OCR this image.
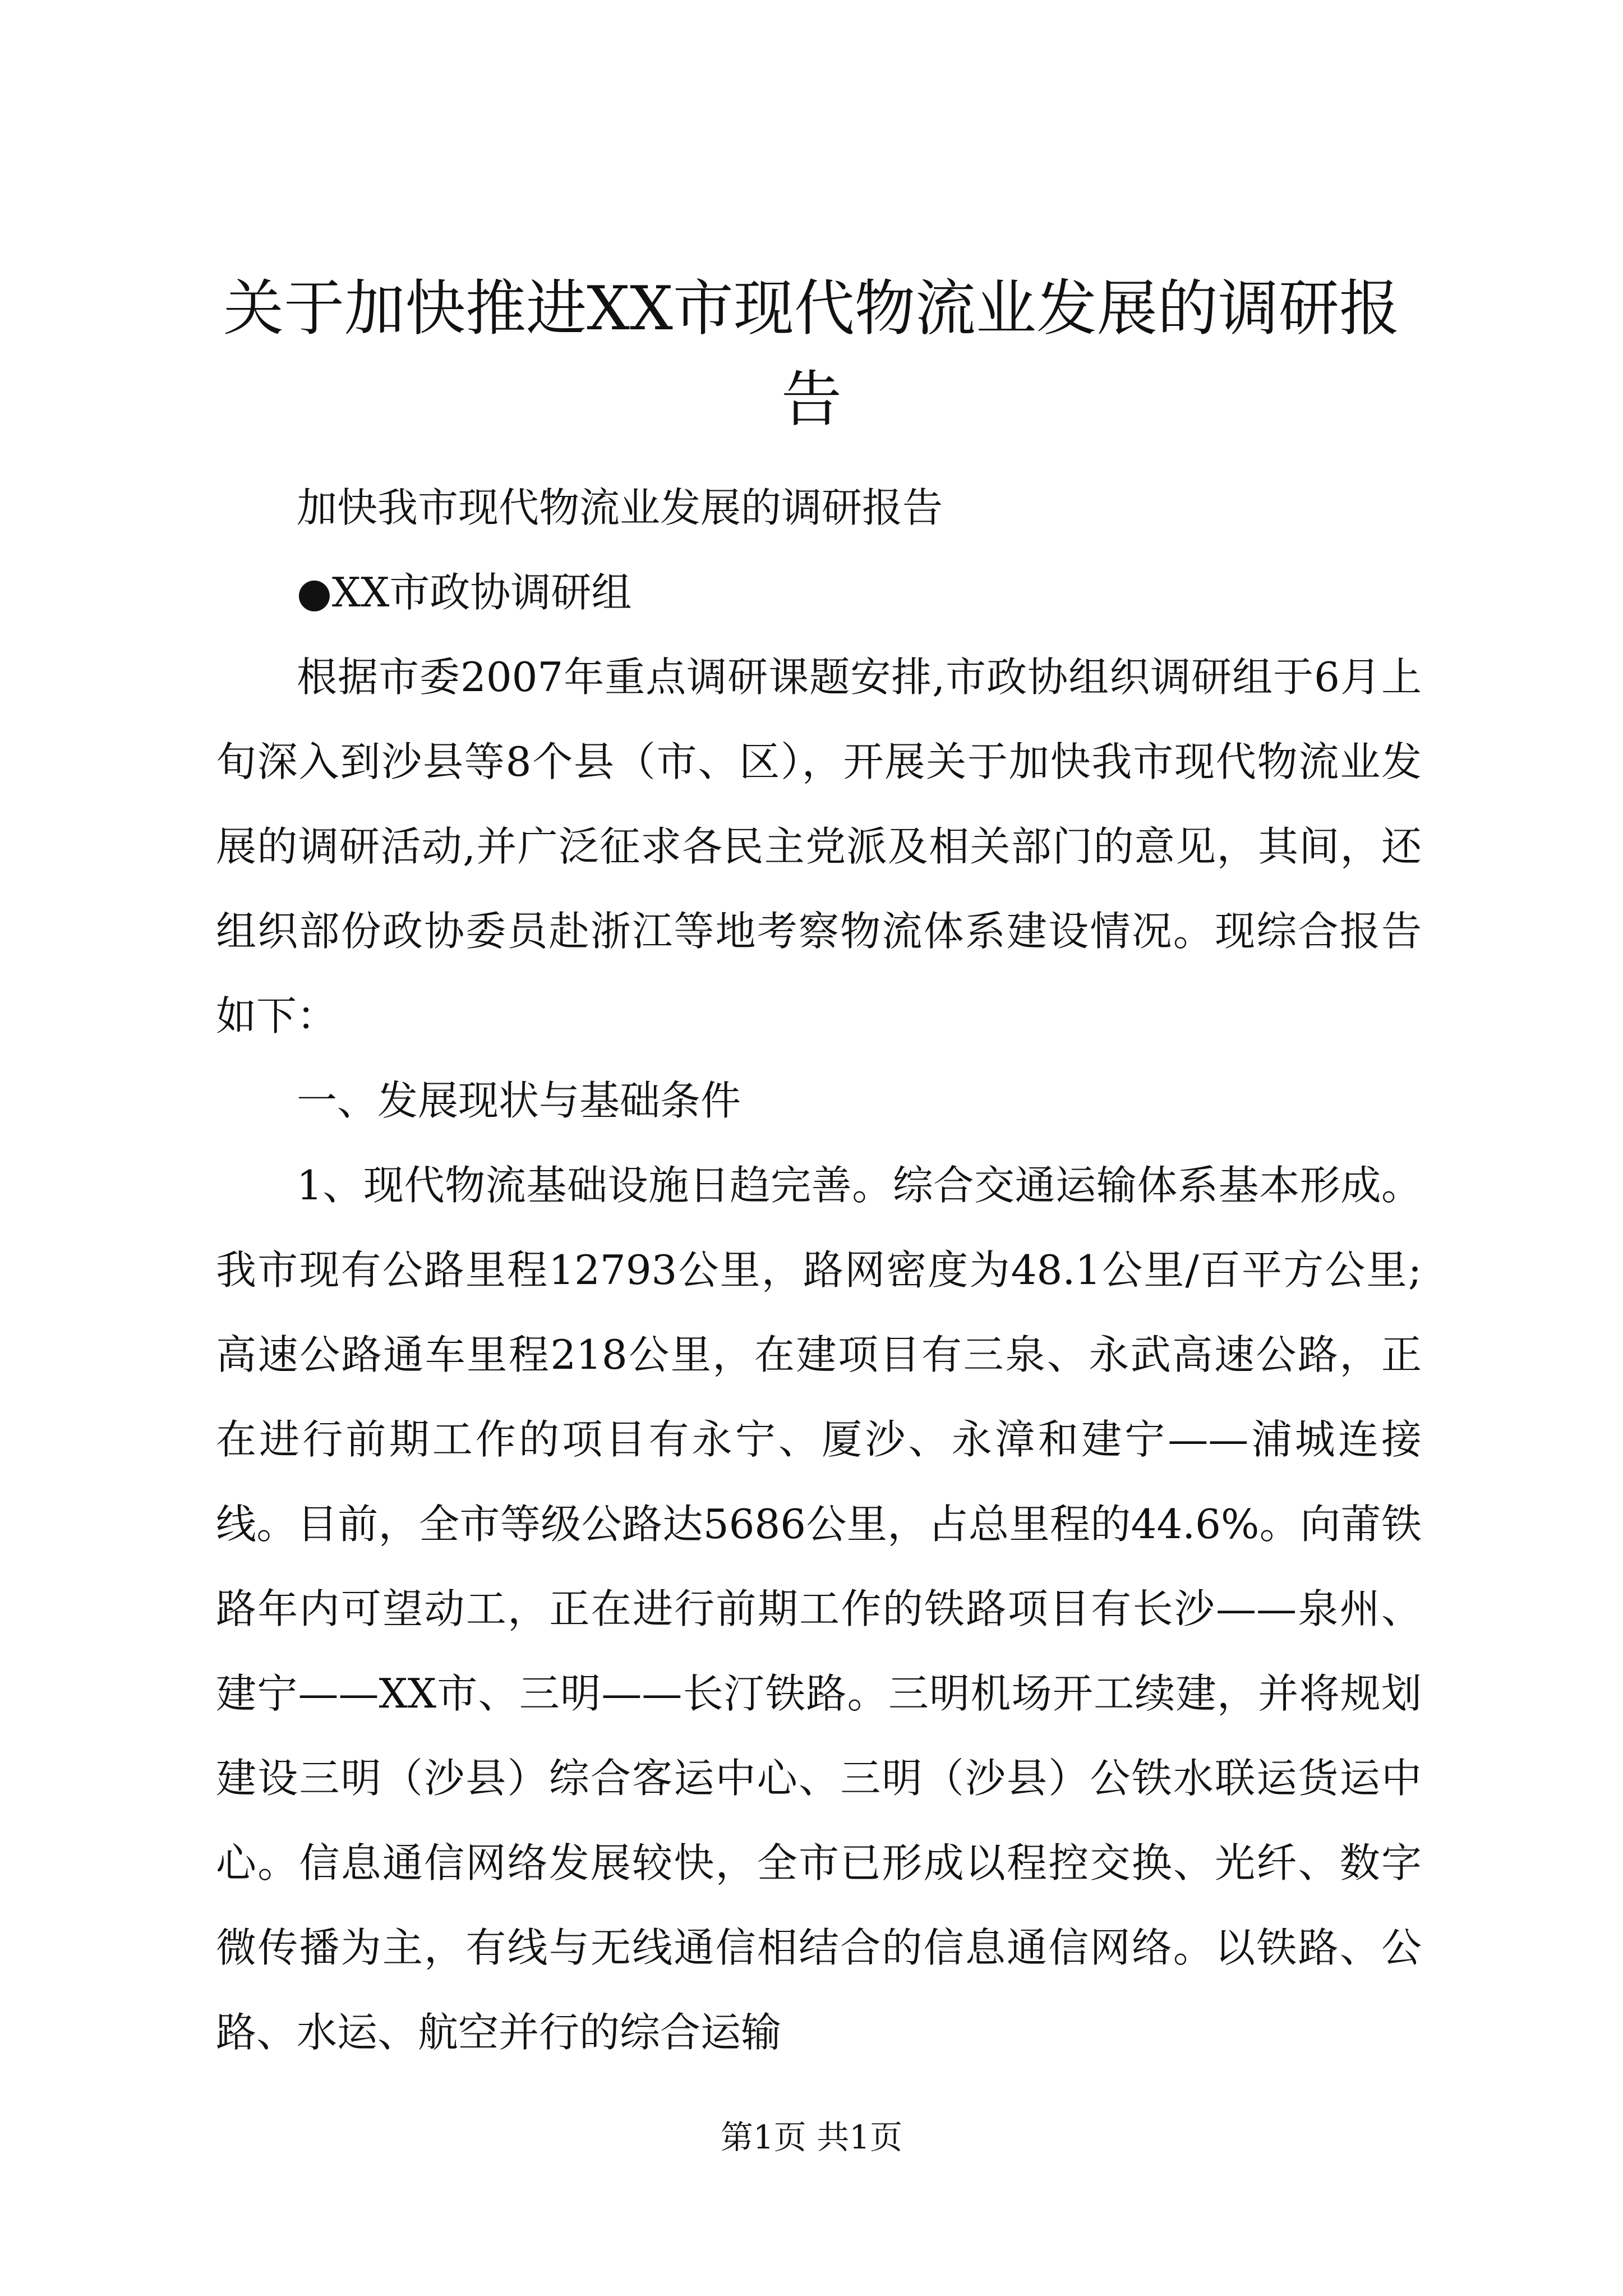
关于加快推进XX市现代物流业发展的调研报告

加快我市现代物流业发展的调研报告

●XX市政协调研组

根据市委2007年重点调研课题安排,市政协组织调研组于6月上旬深入到沙县等8个县（市、区），开展关于加快我市现代物流业发展的调研活动,并广泛征求各民主党派及相关部门的意见，其间，还组织部份政协委员赴浙江等地考察物流体系建设情况。现综合报告如下：

一、发展现状与基础条件

1、现代物流基础设施日趋完善。综合交通运输体系基本形成。我市现有公路里程12793公里，路网密度为48.1公里/百平方公里;高速公路通车里程218公里，在建项目有三泉、永武高速公路，正在进行前期工作的项目有永宁、厦沙、永漳和建宁——浦城连接线。目前，全市等级公路达5686公里，占总里程的44.6%。向莆铁路年内可望动工，正在进行前期工作的铁路项目有长沙——泉州、建宁——XX市、三明——长汀铁路。三明机场开工续建，并将规划建设三明（沙县）综合客运中心、三明（沙县）公铁水联运货运中心。信息通信网络发展较快，全市已形成以程控交换、光纤、数字微传播为主，有线与无线通信相结合的信息通信网络。以铁路、公路、水运、航空并行的综合运输

第1页 共1页
